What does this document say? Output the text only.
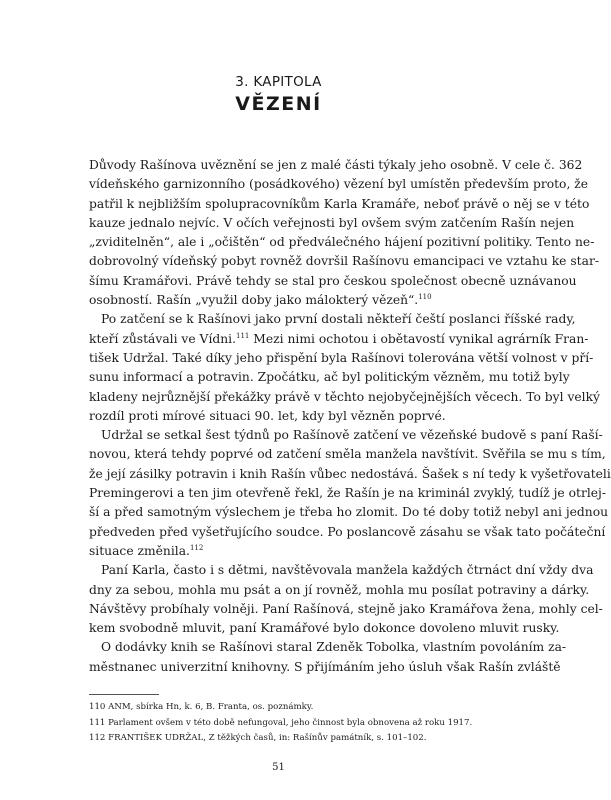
3. KAPITOLA
VĚZENÍ
Důvody Rašínova uvěznění se jen z malé části týkaly jeho osobně. V cele č. 362
vídeňského garnizonního (posádkového) vězení byl umístěn především proto, že
patřil k nejbližším spolupracovníkům Karla Kramáře, neboť právě o něj se v této
kauze jednalo nejvíc. V očích veřejnosti byl ovšem svým zatčením Rašín nejen
„zviditelněn“, ale i „očištěn“ od předválečného hájení pozitivní politiky. Tento ne-
dobrovolný vídeňský pobyt rovněž dovršil Rašínovu emancipaci ve vztahu ke star-
šímu Kramářovi. Právě tehdy se stal pro českou společnost obecně uznávanou
osobností. Rašín „využil doby jako málokterý vězeň“.$^{110}$
Po zatčení se k Rašínovi jako první dostali někteří čeští poslanci říšské rady,
kteří zůstávali ve Vídni.$^{111}$ Mezi nimi ochotou i obětavostí vynikal agrárník Fran-
tišek Udržal. Také díky jeho přispění byla Rašínovi tolerována větší volnost v pří-
sunu informací a potravin. Zpočátku, ač byl politickým vězněm, mu totiž byly
kladeny nejrůznější překážky právě v těchto nejobyčejnějších věcech. To byl velký
rozdíl proti mírové situaci 90. let, kdy byl vězněn poprvé.
Udržal se setkal šest týdnů po Rašínově zatčení ve vězeňské budově s paní Raší-
novou, která tehdy poprvé od zatčení směla manžela navštívit. Svěřila se mu s tím,
že její zásilky potravin i knih Rašín vůbec nedostává. Šašek s ní tedy k vyšetřovateli
Premingerovi a ten jim otevřeně řekl, že Rašín je na kriminál zvyklý, tudíž je otrlej-
ší a před samotným výslechem je třeba ho zlomit. Do té doby totiž nebyl ani jednou
předveden před vyšetřujícího soudce. Po poslancově zásahu se však tato počáteční
situace změnila.$^{112}$
Paní Karla, často i s dětmi, navštěvovala manžela každých čtrnáct dní vždy dva
dny za sebou, mohla mu psát a on jí rovněž, mohla mu posílat potraviny a dárky.
Návštěvy probíhaly volněji. Paní Rašínová, stejně jako Kramářova žena, mohly cel-
kem svobodně mluvit, paní Kramářové bylo dokonce dovoleno mluvit rusky.
O dodávky knih se Rašínovi staral Zdeněk Tobolka, vlastním povoláním za-
městnanec univerzitní knihovny. S přijímáním jeho úsluh však Rašín zvláště
110 ANM, sbírka Hn, k. 6, B. Franta, os. poznámky.
111 Parlament ovšem v této době nefungoval, jeho činnost byla obnovena až roku 1917.
112 FRANTIŠEK UDRŽAL, Z těžkých časů, in: Rašínův památník, s. 101–102.
51
